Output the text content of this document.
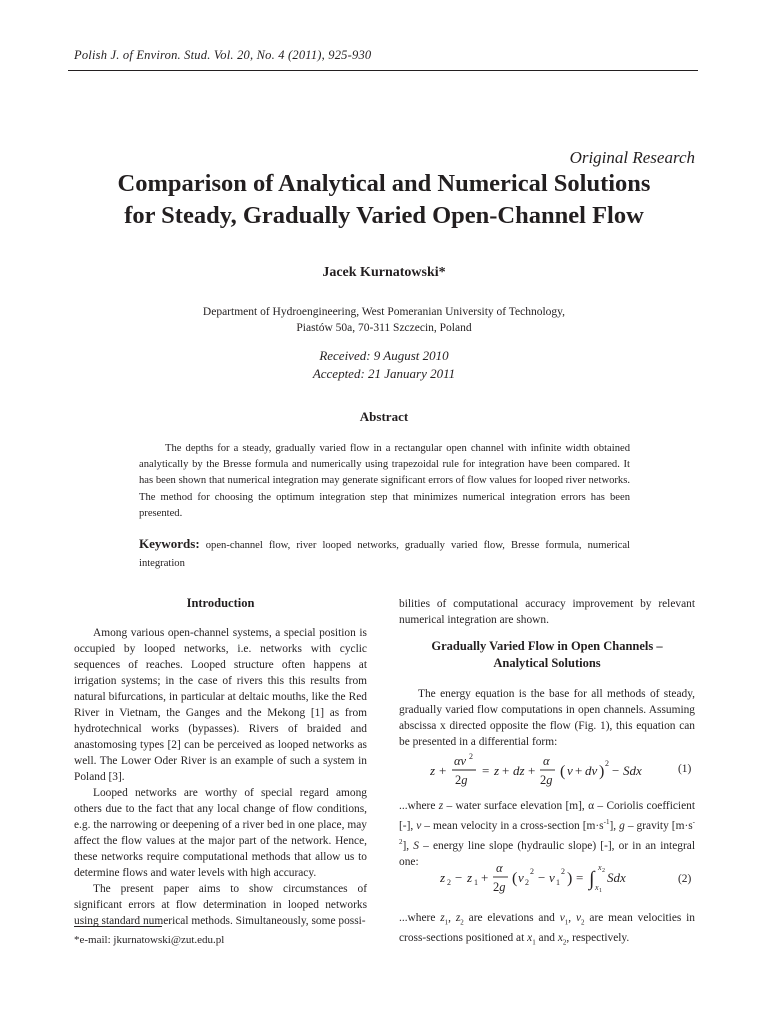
Polish J. of Environ. Stud. Vol. 20, No. 4 (2011), 925-930
Original Research
Comparison of Analytical and Numerical Solutions
for Steady, Gradually Varied Open-Channel Flow
Jacek Kurnatowski*
Department of Hydroengineering, West Pomeranian University of Technology,
Piastów 50a, 70-311 Szczecin, Poland
Received: 9 August 2010
Accepted: 21 January 2011
Abstract
The depths for a steady, gradually varied flow in a rectangular open channel with infinite width obtained analytically by the Bresse formula and numerically using trapezoidal rule for integration have been compared. It has been shown that numerical integration may generate significant errors of flow values for looped river networks. The method for choosing the optimum integration step that minimizes numerical integration errors has been presented.
Keywords: open-channel flow, river looped networks, gradually varied flow, Bresse formula, numerical integration
Introduction

Among various open-channel systems, a special position is occupied by looped networks, i.e. networks with cyclic sequences of reaches. Looped structure often happens at irrigation systems; in the case of rivers this this results from natural bifurcations, in particular at deltaic mouths, like the Red River in Vietnam, the Ganges and the Mekong [1] as from hydrotechnical works (bypasses). Rivers of braided and anastomosing types [2] can be perceived as looped networks as well. The Lower Oder River is an example of such a system in Poland [3].

Looped networks are worthy of special regard among others due to the fact that any local change of flow conditions, e.g. the narrowing or deepening of a river bed in one place, may affect the flow values at the major part of the network. Hence, these networks require computational methods that allow us to determine flows and water levels with high accuracy.

The present paper aims to show circumstances of significant errors at flow determination in looped networks using standard numerical methods. Simultaneously, some possi-

*e-mail: jkurnatowski@zut.edu.pl

bilities of computational accuracy improvement by relevant numerical integration are shown.

Gradually Varied Flow in Open Channels –
Analytical Solutions

The energy equation is the base for all methods of steady, gradually varied flow computations in open channels. Assuming abscissa x directed opposite the flow (Fig. 1), this equation can be presented in a differential form:

z +
αv 2
2g
= z + dz +
α
2g ( v + dv ) 2 − Sdx	(1)

...where z – water surface elevation [m], α – Coriolis coefficient [-], v – mean velocity in a cross-section $[m\cdot s^{-1}]$, g – gravity $[m\cdot s^{-2}]$, S – energy line slope (hydraulic slope) [-], or in an integral one:

z 2 − z 1 +
α
2g ( v 2
2 − v 1
2 ) = ∫
x 2
x 1
Sdx	(2)

...where $z_1$, $z_2$ are elevations and $v_1$, $v_2$ are mean velocities in cross-sections positioned at $x_1$ and $x_2$, respectively.
